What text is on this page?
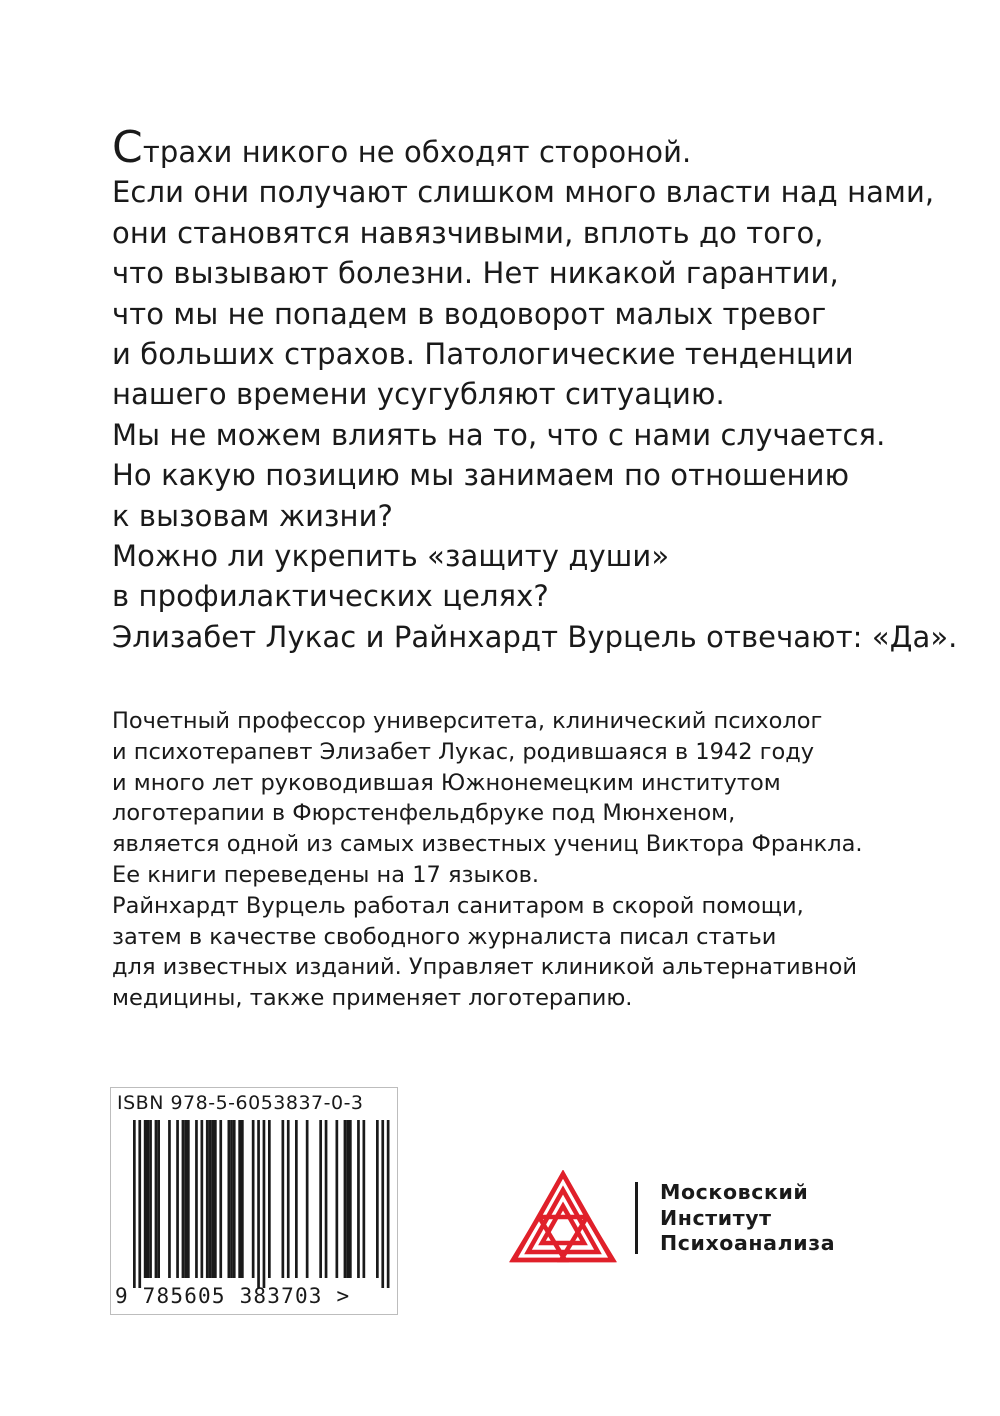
Страхи никого не обходят стороной.
Если они получают слишком много власти над нами,
они становятся навязчивыми, вплоть до того,
что вызывают болезни. Нет никакой гарантии,
что мы не попадем в водоворот малых тревог
и больших страхов. Патологические тенденции
нашего времени усугубляют ситуацию.
Мы не можем влиять на то, что с нами случается.
Но какую позицию мы занимаем по отношению
к вызовам жизни?
Можно ли укрепить «защиту души»
в профилактических целях?
Элизабет Лукас и Райнхардт Вурцель отвечают: «Да».
Почетный профессор университета, клинический психолог
и психотерапевт Элизабет Лукас, родившаяся в 1942 году
и много лет руководившая Южнонемецким институтом
логотерапии в Фюрстенфельдбруке под Мюнхеном,
является одной из самых известных учениц Виктора Франкла.
Ее книги переведены на 17 языков.
Райнхардт Вурцель работал санитаром в скорой помощи,
затем в качестве свободного журналиста писал статьи
для известных изданий. Управляет клиникой альтернативной
медицины, также применяет логотерапию.
ISBN 978-5-6053837-0-3
9 785605 383703 >
Московский
Институт
Психоанализа
